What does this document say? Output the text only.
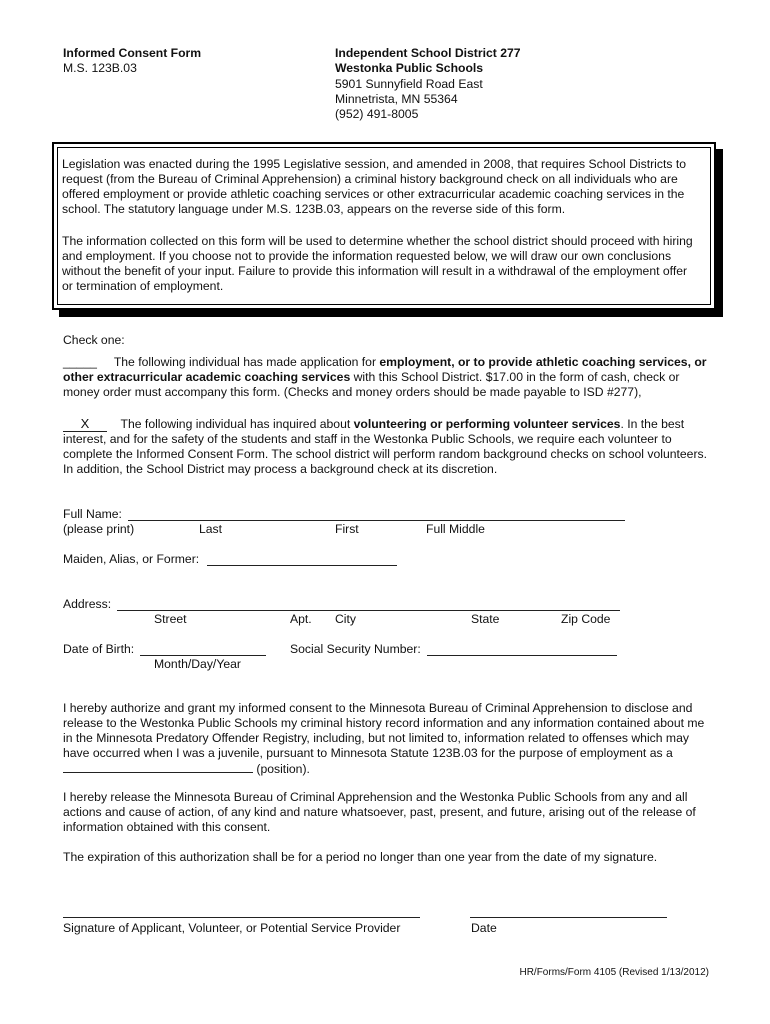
Informed Consent Form
M.S. 123B.03
Independent School District 277
Westonka Public Schools
5901 Sunnyfield Road East
Minnetrista, MN 55364
(952) 491-8005

Legislation was enacted during the 1995 Legislative session, and amended in 2008, that requires School Districts to request (from the Bureau of Criminal Apprehension) a criminal history background check on all individuals who are offered employment or provide athletic coaching services or other extracurricular academic coaching services in the school. The statutory language under M.S. 123B.03, appears on the reverse side of this form.

The information collected on this form will be used to determine whether the school district should proceed with hiring and employment. If you choose not to provide the information requested below, we will draw our own conclusions without the benefit of your input. Failure to provide this information will result in a withdrawal of the employment offer or termination of employment.

Check one:
_____ The following individual has made application for employment, or to provide athletic coaching services, or other extracurricular academic coaching services with this School District. $17.00 in the form of cash, check or money order must accompany this form. (Checks and money orders should be made payable to ISD #277),
X	The following individual has inquired about volunteering or performing volunteer services. In the best interest, and for the safety of the students and staff in the Westonka Public Schools, we require each volunteer to complete the Informed Consent Form. The school district will perform random background checks on school volunteers. In addition, the School District may process a background check at its discretion.
Full Name:
(please print)	Last	First	Full Middle
Maiden, Alias, or Former:
Address:
Street	Apt. City	State	Zip Code
Date of Birth:
Month/Day/Year
Social Security Number:
I hereby authorize and grant my informed consent to the Minnesota Bureau of Criminal Apprehension to disclose and release to the Westonka Public Schools my criminal history record information and any information contained about me in the Minnesota Predatory Offender Registry, including, but not limited to, information related to offenses which may have occurred when I was a juvenile, pursuant to Minnesota Statute 123B.03 for the purpose of employment as a  (position).
I hereby release the Minnesota Bureau of Criminal Apprehension and the Westonka Public Schools from any and all actions and cause of action, of any kind and nature whatsoever, past, present, and future, arising out of the release of information obtained with this consent.
The expiration of this authorization shall be for a period no longer than one year from the date of my signature.
Signature of Applicant, Volunteer, or Potential Service Provider	Date
HR/Forms/Form 4105 (Revised 1/13/2012)
